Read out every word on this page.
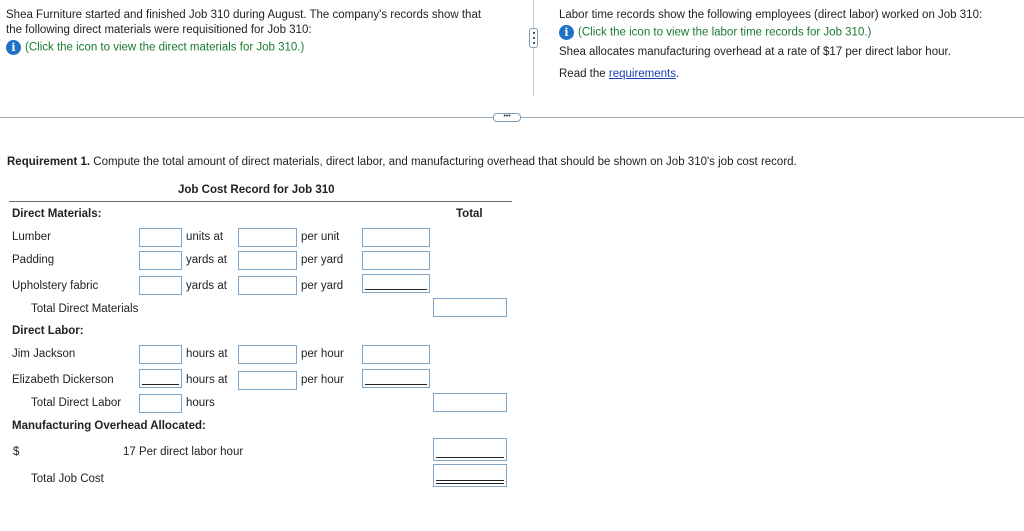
Shea Furniture started and finished Job 310 during August. The company's records show that
the following direct materials were requisitioned for Job 310:
i (Click the icon to view the direct materials for Job 310.)
Labor time records show the following employees (direct labor) worked on Job 310:
i (Click the icon to view the labor time records for Job 310.)
Shea allocates manufacturing overhead at a rate of $17 per direct labor hour.
Read the requirements.
•••
Requirement 1. Compute the total amount of direct materials, direct labor, and manufacturing overhead that should be shown on Job 310's job cost record.
Job Cost Record for Job 310
Direct Materials:	Total
Lumber	units at	per unit
Padding	yards at	per yard
Upholstery fabric	yards at	per yard
Total Direct Materials
Direct Labor:
Jim Jackson	hours at	per hour
Elizabeth Dickerson	hours at	per hour
Total Direct Labor	hours
Manufacturing Overhead Allocated:
$	17 Per direct labor hour
Total Job Cost
